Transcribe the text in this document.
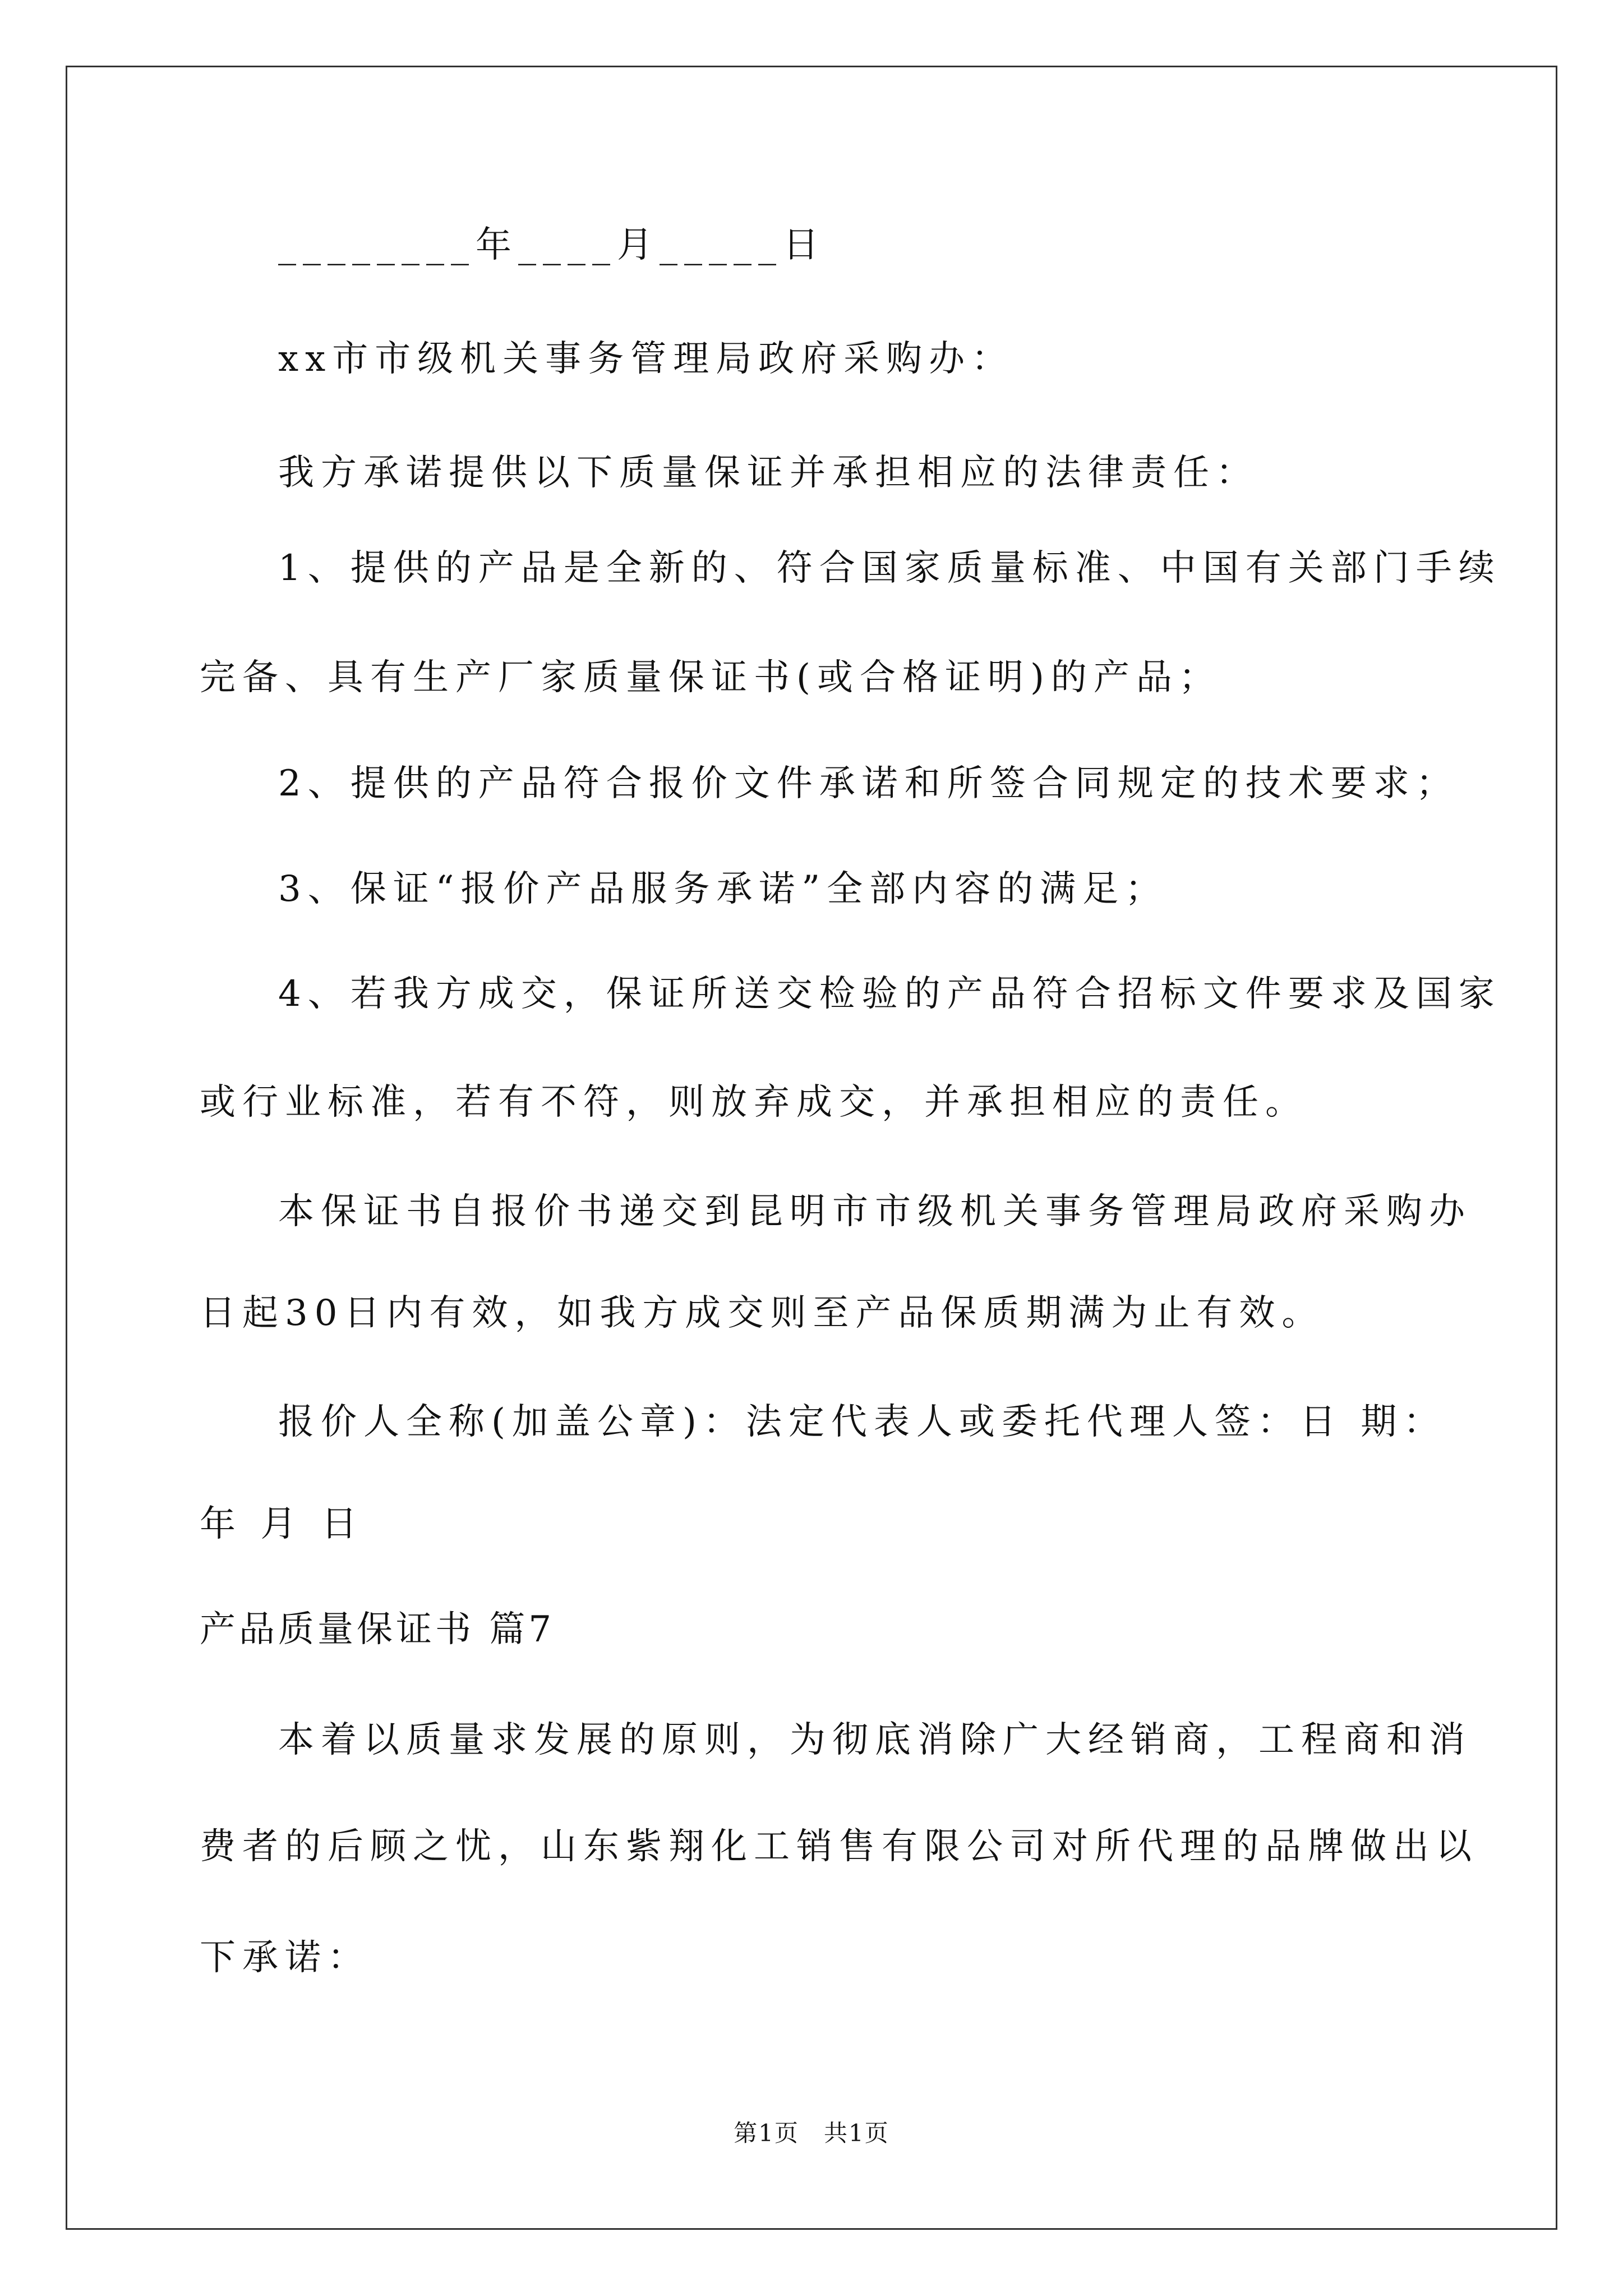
________年____月_____日
xx市市级机关事务管理局政府采购办：
我方承诺提供以下质量保证并承担相应的法律责任：
1、提供的产品是全新的、符合国家质量标准、中国有关部门手续
完备、具有生产厂家质量保证书(或合格证明)的产品；
2、提供的产品符合报价文件承诺和所签合同规定的技术要求；
3、保证“报价产品服务承诺”全部内容的满足；
4、若我方成交，保证所送交检验的产品符合招标文件要求及国家
或行业标准，若有不符，则放弃成交，并承担相应的责任。
本保证书自报价书递交到昆明市市级机关事务管理局政府采购办
日起30日内有效，如我方成交则至产品保质期满为止有效。
报价人全称(加盖公章)：法定代表人或委托代理人签：日 期：
年 月 日
产品质量保证书 篇7
本着以质量求发展的原则，为彻底消除广大经销商，工程商和消
费者的后顾之忧，山东紫翔化工销售有限公司对所代理的品牌做出以
下承诺：
第1页　共1页
